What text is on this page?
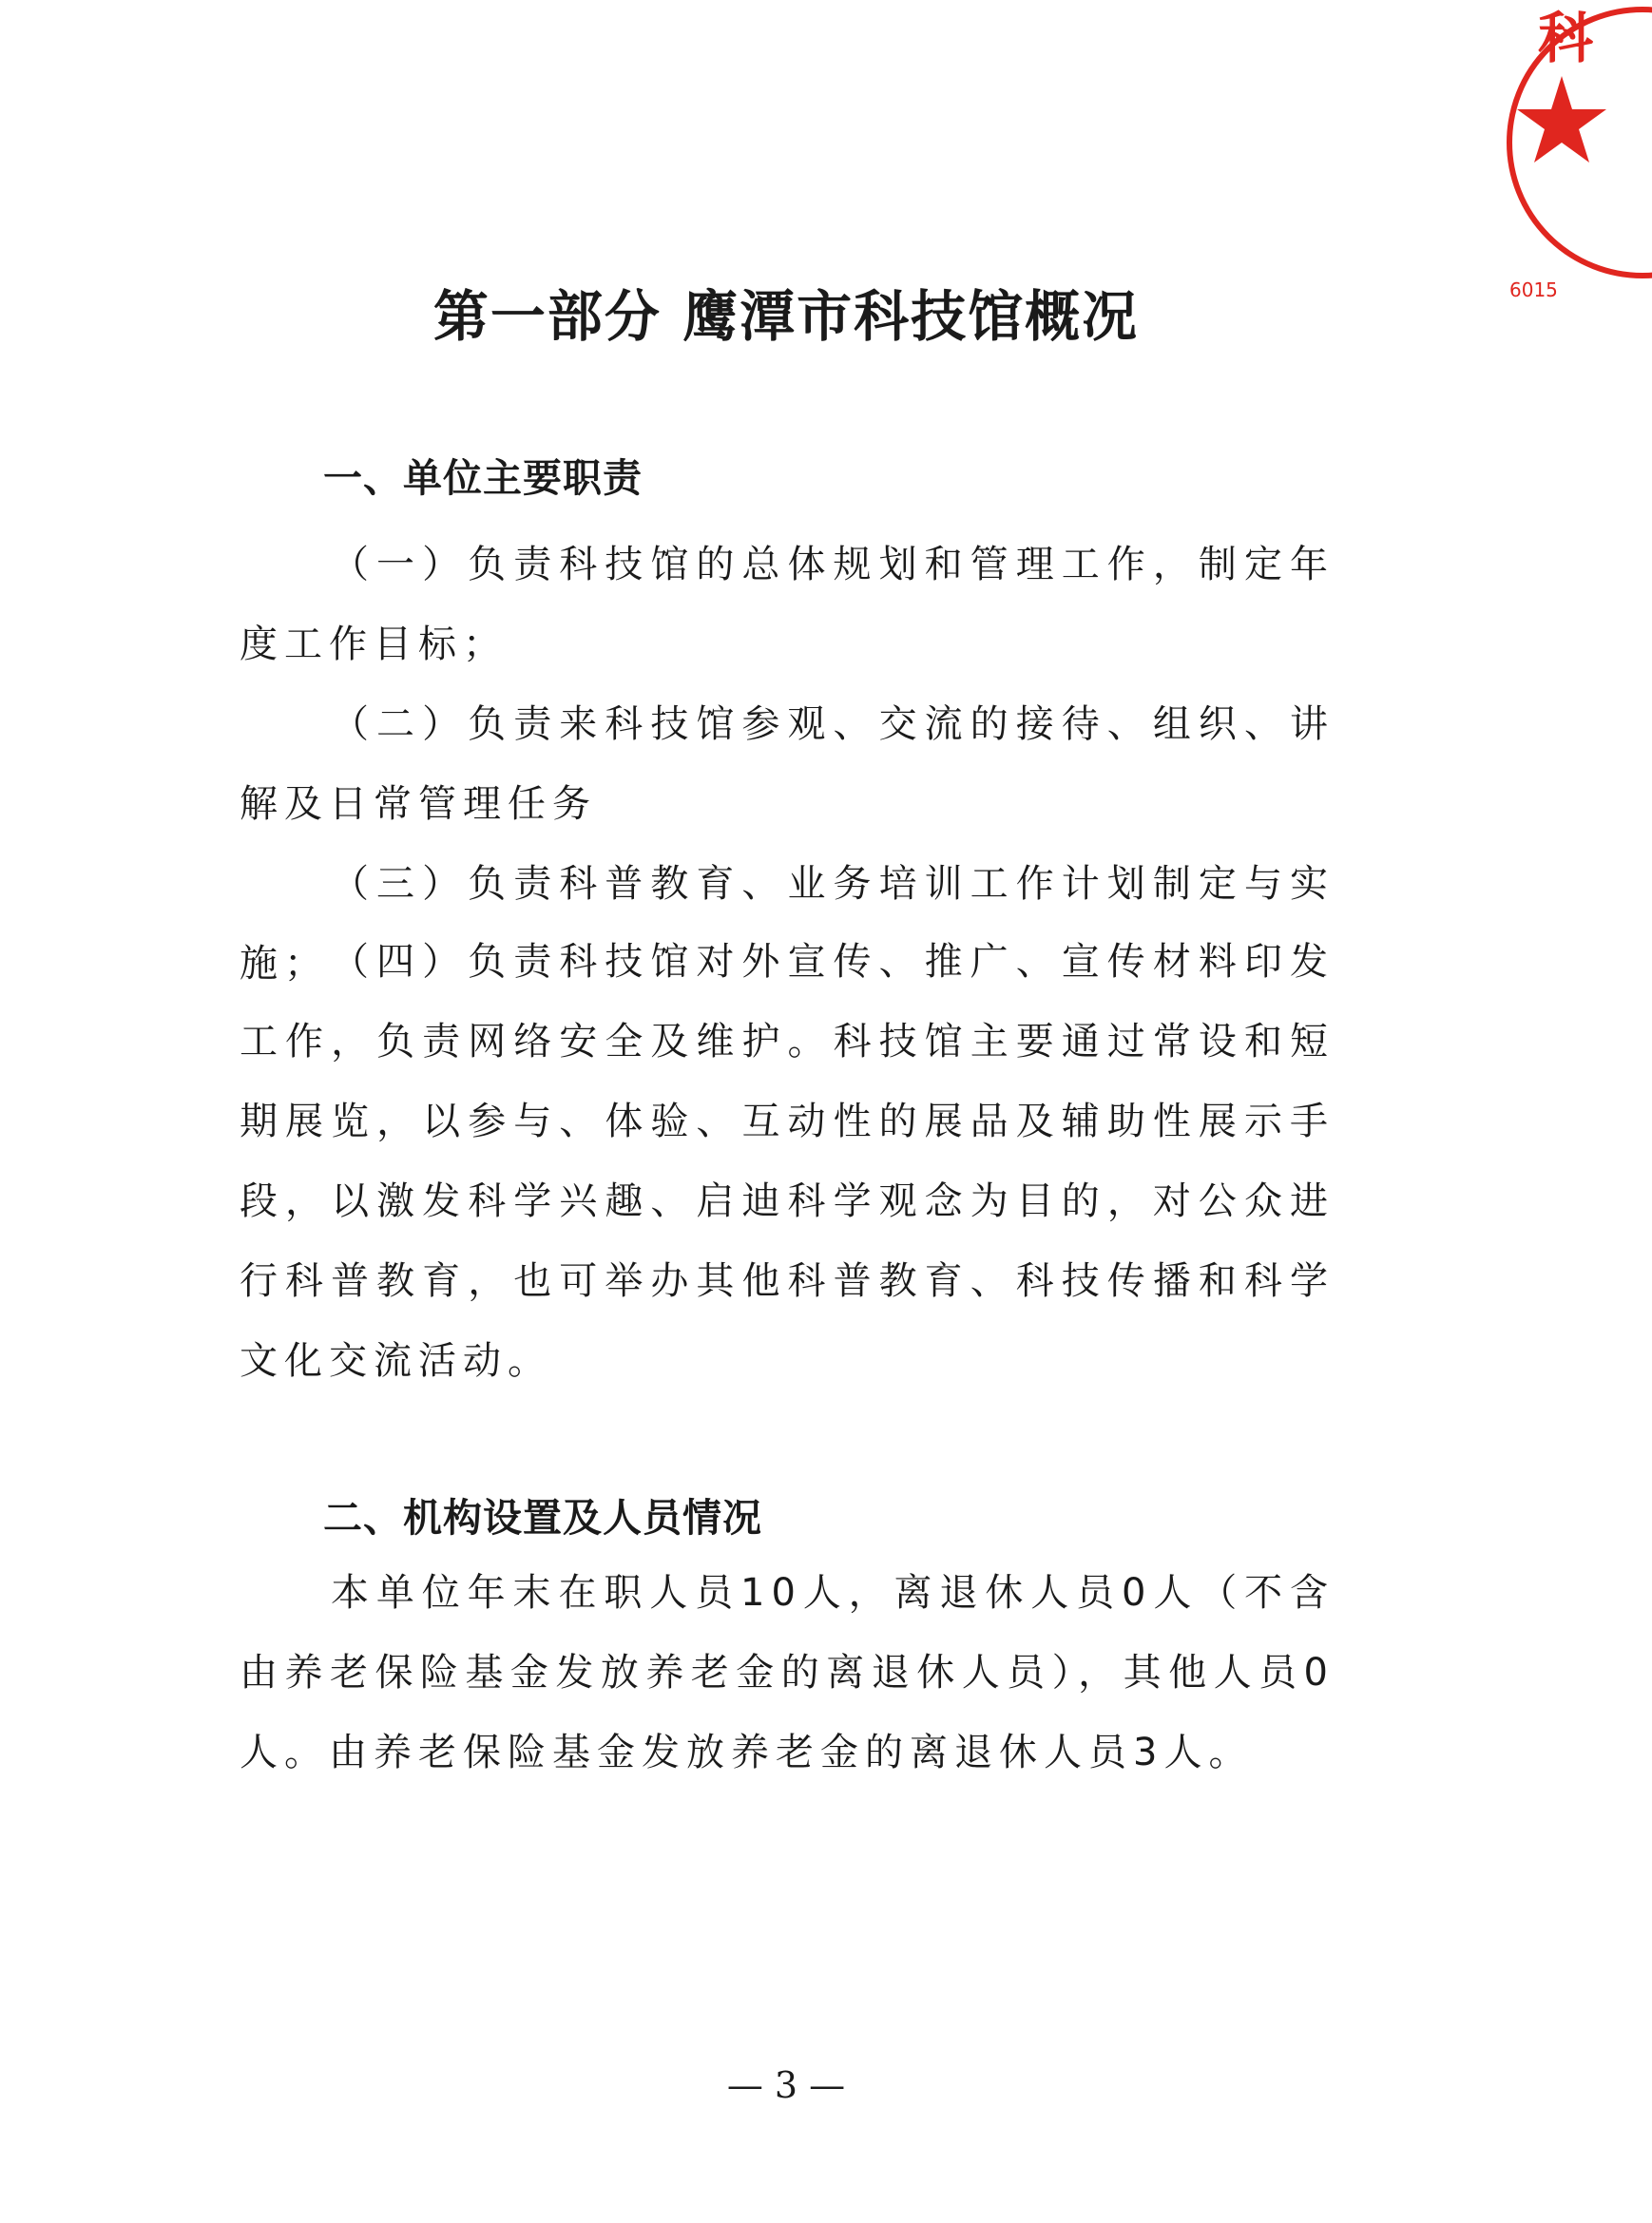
科
6015
第一部分 鹰潭市科技馆概况
一、单位主要职责

（一）负责科技馆的总体规划和管理工作，制定年度工作目标；

（二）负责来科技馆参观、交流的接待、组织、讲解及日常管理任务

（三）负责科普教育、业务培训工作计划制定与实施； （四）负责科技馆对外宣传、推广、宣传材料印发工作，负责网络安全及维护。科技馆主要通过常设和短期展览，以参与、体验、互动性的展品及辅助性展示手段，以激发科学兴趣、启迪科学观念为目的，对公众进行科普教育，也可举办其他科普教育、科技传播和科学文化交流活动。

二、机构设置及人员情况

本单位年末在职人员10人，离退休人员0人（不含由养老保险基金发放养老金的离退休人员），其他人员0人。由养老保险基金发放养老金的离退休人员3人。

— 3 —
